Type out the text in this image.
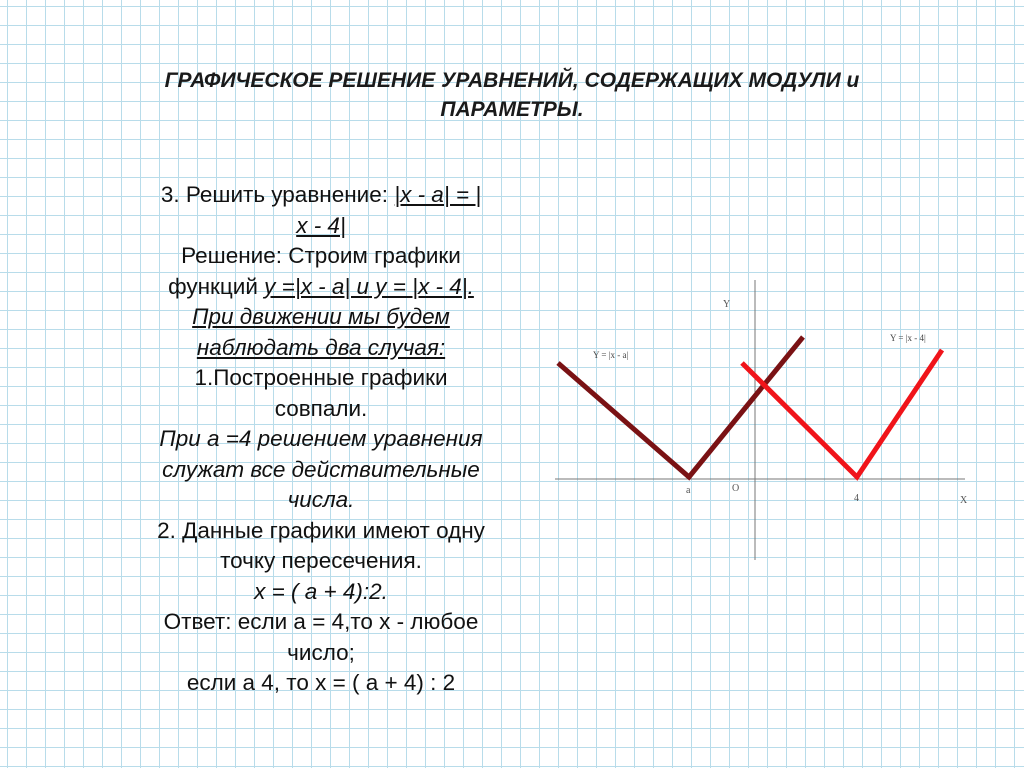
ГРАФИЧЕСКОЕ РЕШЕНИЕ УРАВНЕНИЙ, СОДЕРЖАЩИХ МОДУЛИ и
ПАРАМЕТРЫ.

3. Решить уравнение: |x - a| = |

x - 4|

Решение: Строим графики

функций y =|x - a| и y = |x - 4|.

При движении мы будем

наблюдать два случая:

1.Построенные графики

совпали.

При а =4 решением уравнения

служат все действительные

числа.

2. Данные графики имеют одну

точку пересечения.

x = ( a + 4):2.

Ответ: если а = 4,то х - любое

число;

если а 4, то х = ( а + 4) : 2

Y
X
O
a
4
Y = |x - a|
Y = |x - 4|
